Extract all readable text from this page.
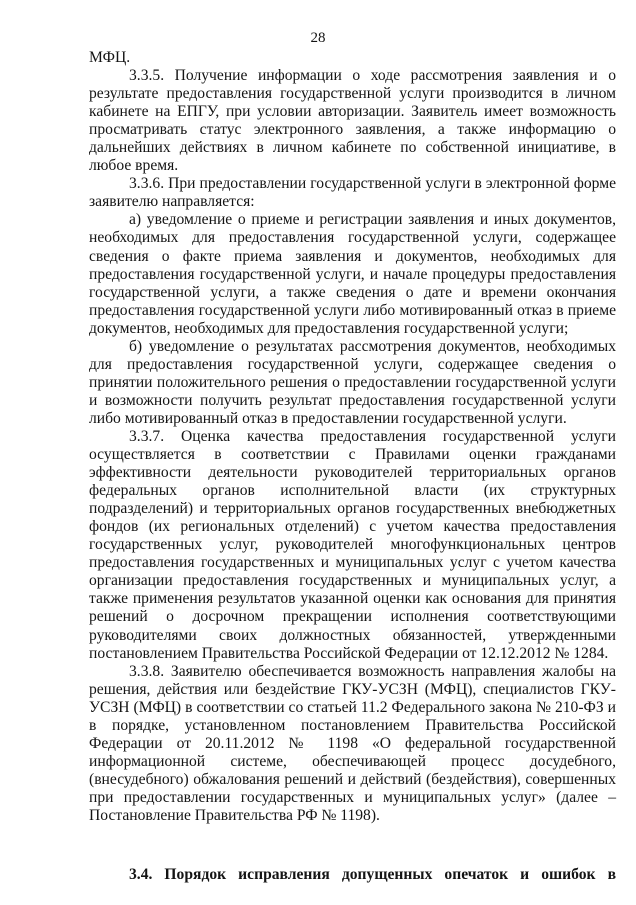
28

МФЦ.

3.3.5. Получение информации о ходе рассмотрения заявления и о результате предоставления государственной услуги производится в личном кабинете на ЕПГУ, при условии авторизации. Заявитель имеет возможность просматривать статус электронного заявления, а также информацию о дальнейших действиях в личном кабинете по собственной инициативе, в любое время.

3.3.6. При предоставлении государственной услуги в электронной форме заявителю направляется:

а) уведомление о приеме и регистрации заявления и иных документов, необходимых для предоставления государственной услуги, содержащее сведения о факте приема заявления и документов, необходимых для предоставления государственной услуги, и начале процедуры предоставления государственной услуги, а также сведения о дате и времени окончания предоставления государственной услуги либо мотивированный отказ в приеме документов, необходимых для предоставления государственной услуги;

б) уведомление о результатах рассмотрения документов, необходимых для предоставления государственной услуги, содержащее сведения о принятии положительного решения о предоставлении государственной услуги и возможности получить результат предоставления государственной услуги либо мотивированный отказ в предоставлении государственной услуги.

3.3.7. Оценка качества предоставления государственной услуги осуществляется в соответствии с Правилами оценки гражданами эффективности деятельности руководителей территориальных органов федеральных органов исполнительной власти (их структурных подразделений) и территориальных органов государственных внебюджетных фондов (их региональных отделений) с учетом качества предоставления государственных услуг, руководителей многофункциональных центров предоставления государственных и муниципальных услуг с учетом качества организации предоставления государственных и муниципальных услуг, а также применения результатов указанной оценки как основания для принятия решений о досрочном прекращении исполнения соответствующими руководителями своих должностных обязанностей, утвержденными постановлением Правительства Российской Федерации от 12.12.2012 № 1284.

3.3.8. Заявителю обеспечивается возможность направления жалобы на решения, действия или бездействие ГКУ-УСЗН (МФЦ), специалистов ГКУ-УСЗН (МФЦ) в соответствии со статьей 11.2 Федерального закона № 210-ФЗ и в порядке, установленном постановлением Правительства Российской Федерации от 20.11.2012 № 1198 «О федеральной государственной информационной системе, обеспечивающей процесс досудебного, (внесудебного) обжалования решений и действий (бездействия), совершенных при предоставлении государственных и муниципальных услуг» (далее – Постановление Правительства РФ № 1198).

3.4. Порядок исправления допущенных опечаток и ошибок в
